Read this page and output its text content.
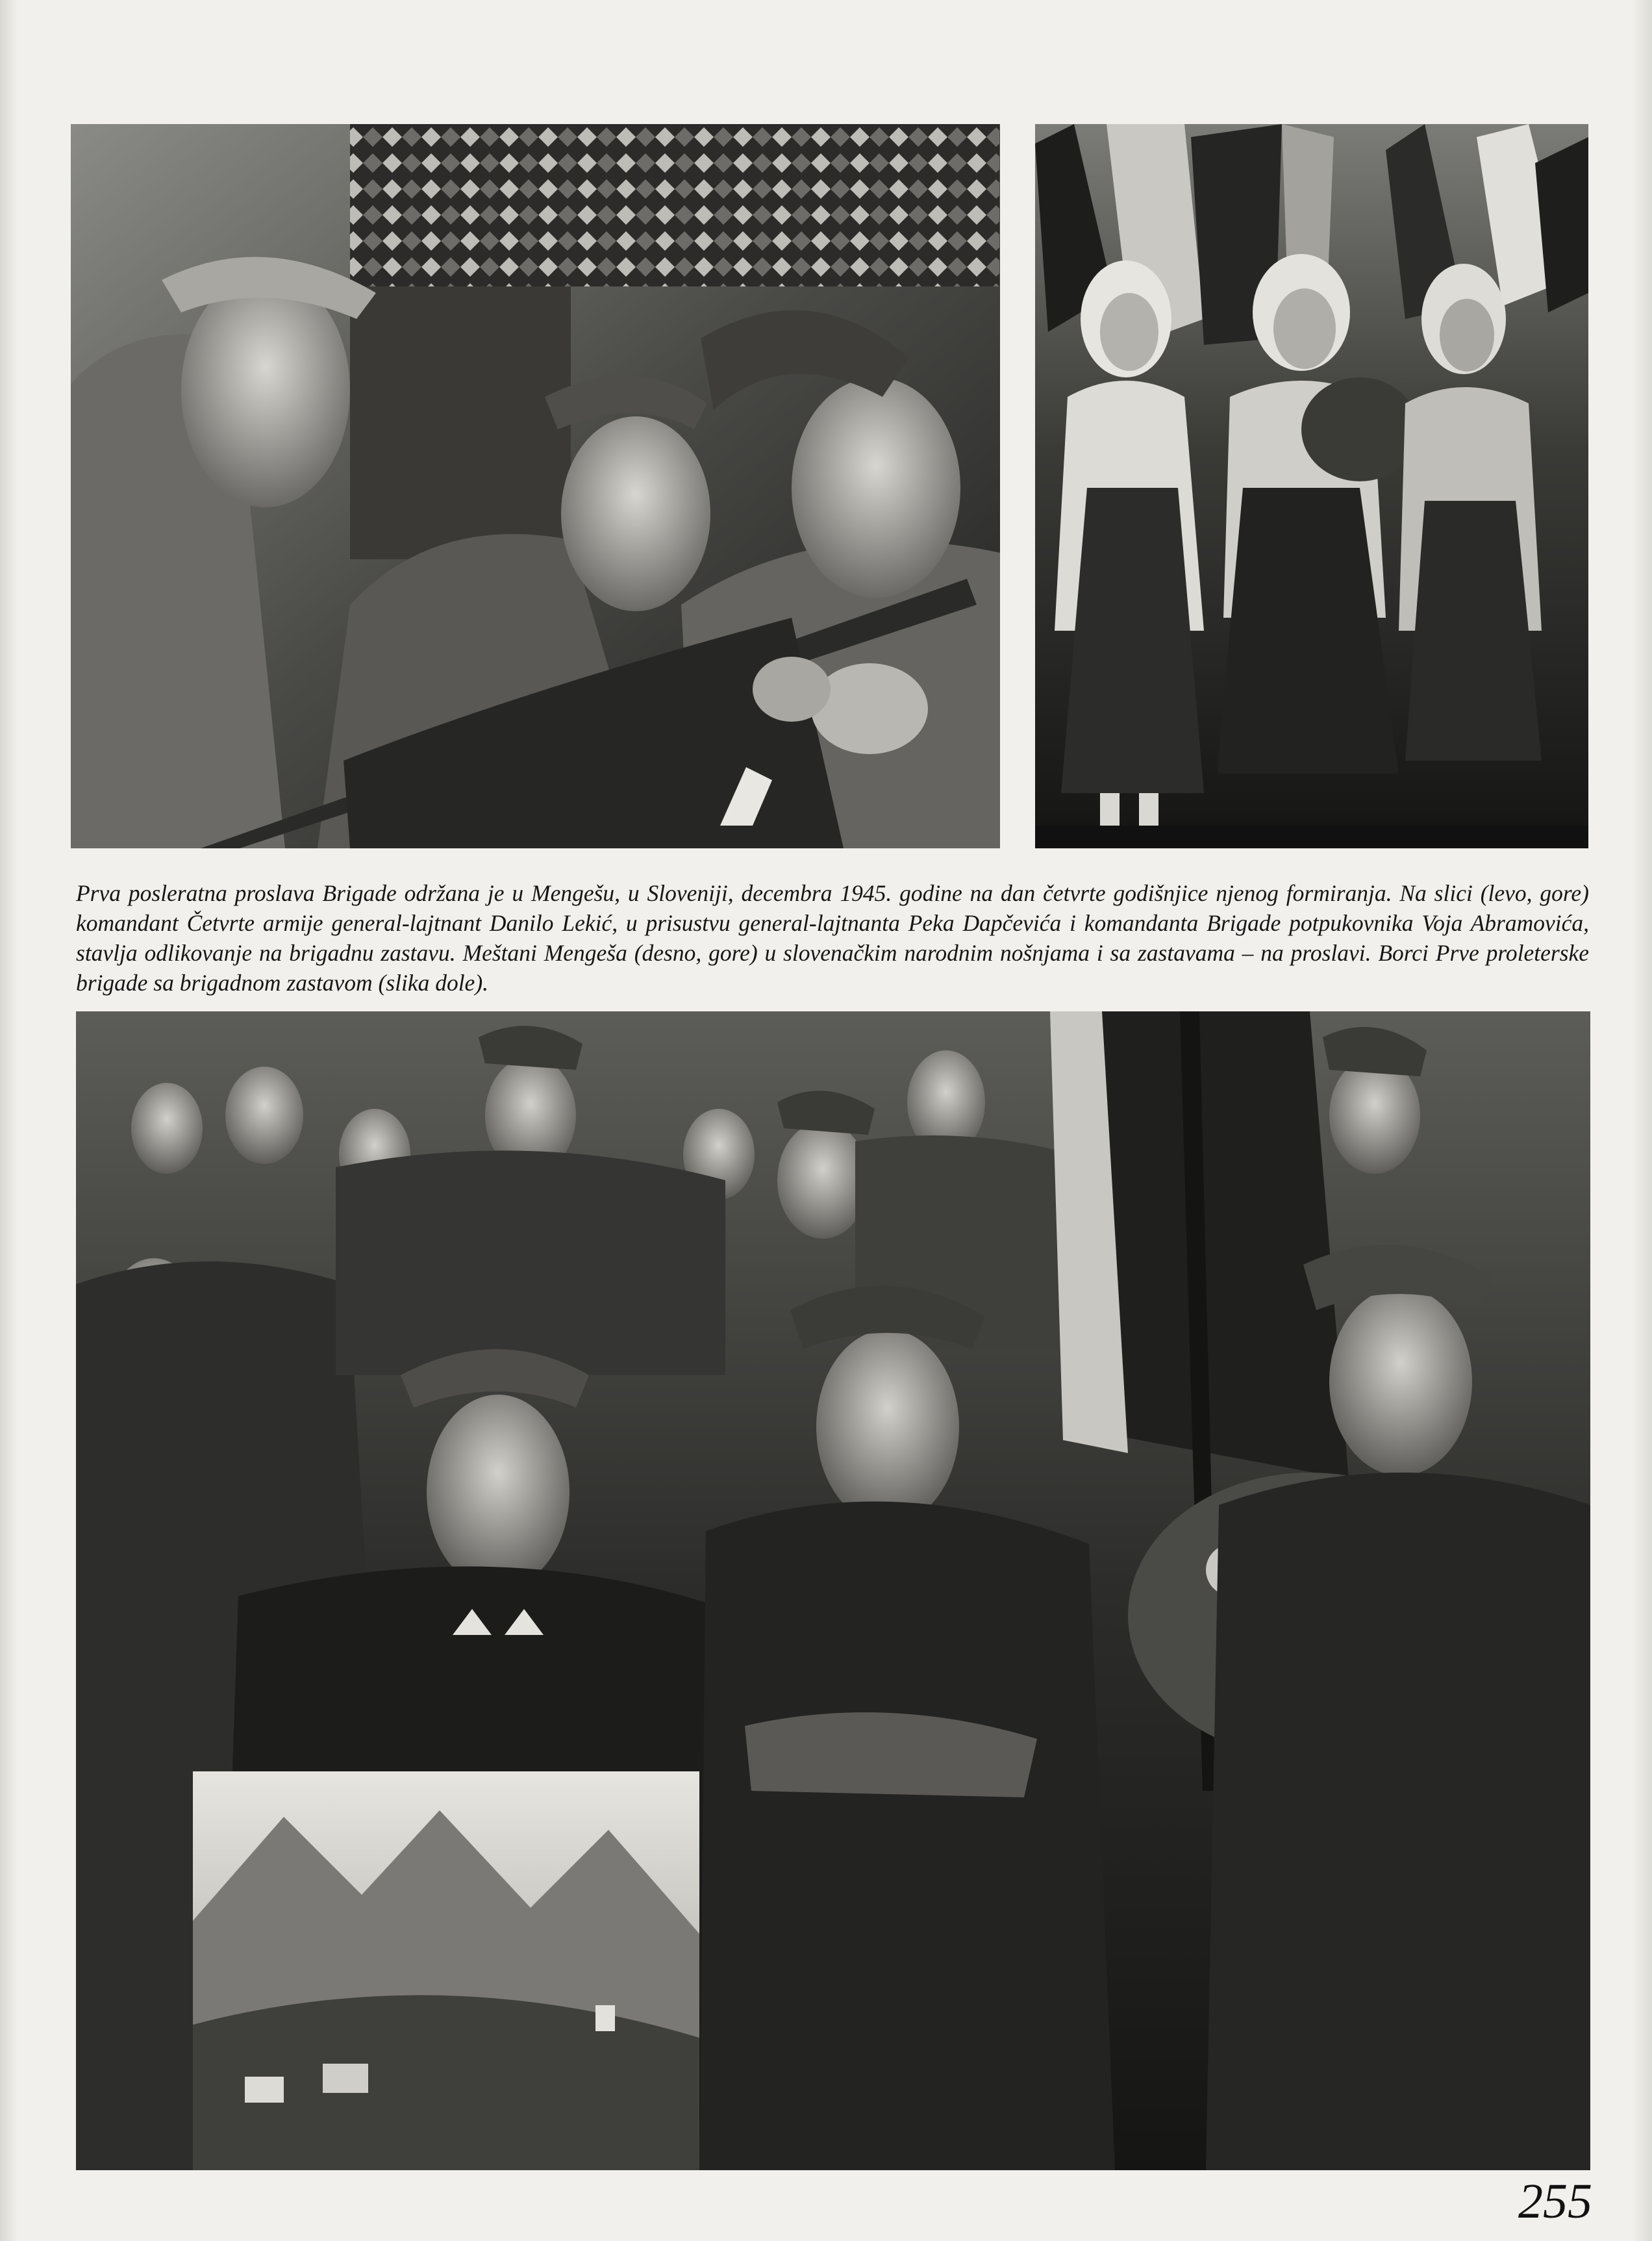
Prva posleratna proslava Brigade održana je u Mengešu, u Sloveniji, decembra 1945. godine na dan četvrte godišnjice njenog formiranja. Na slici (levo, gore) komandant Četvrte armije general-lajtnant Danilo Lekić, u prisustvu general-lajtnanta Peka Dapčevića i komandanta Brigade potpukovnika Voja Abramovića, stavlja odlikovanje na brigadnu zastavu. Meštani Mengeša (desno, gore) u slovenačkim narodnim nošnjama i sa zastavama – na proslavi. Borci Prve proleterske brigade sa brigadnom zastavom (slika dole).

255
